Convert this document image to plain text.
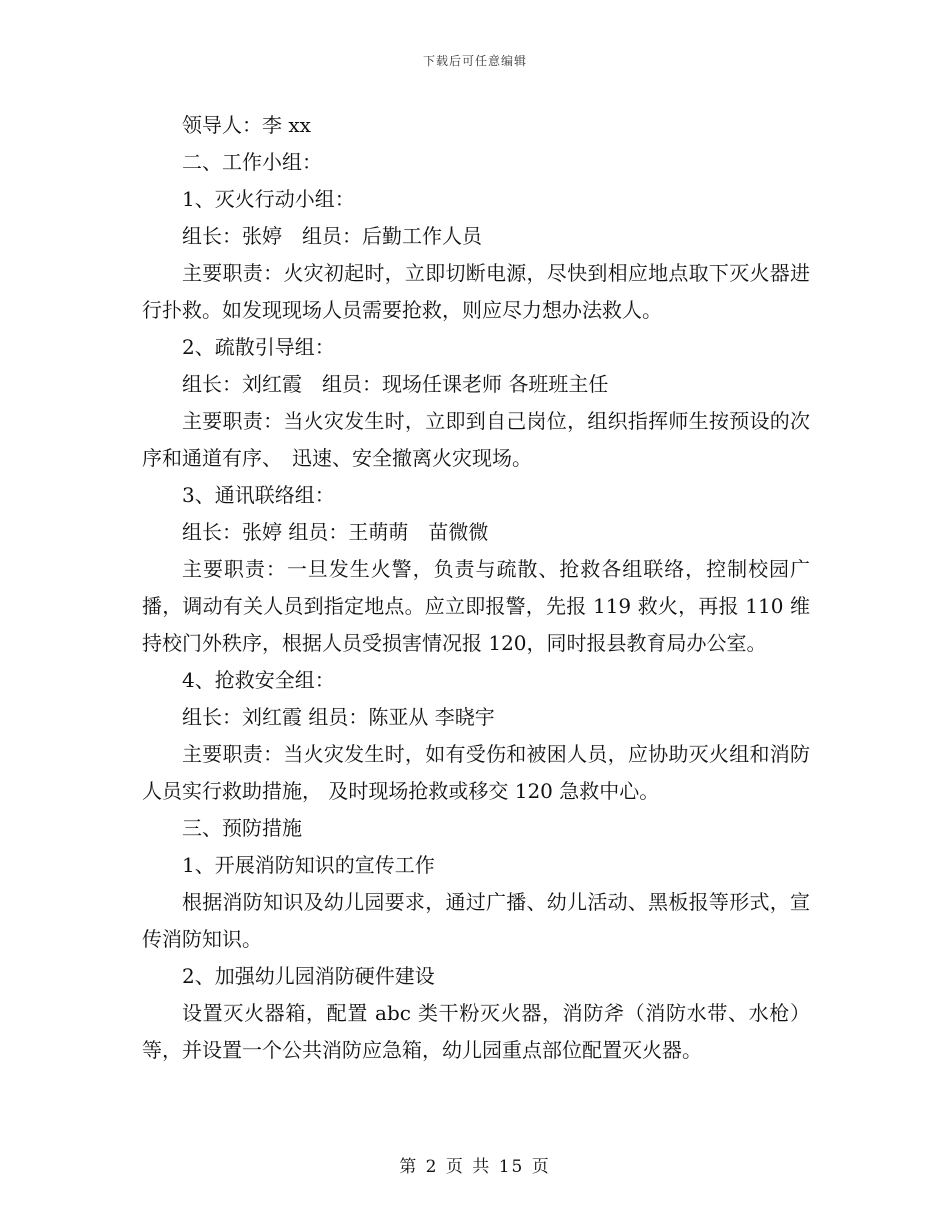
下载后可任意编辑

领导人：李 xx

二、工作小组：

1、灭火行动小组：

组长：张婷　组员：后勤工作人员

主要职责：火灾初起时，立即切断电源，尽快到相应地点取下灭火器进行扑救。如发现现场人员需要抢救，则应尽力想办法救人。

2、疏散引导组：

组长：刘红霞　组员：现场任课老师 各班班主任

主要职责：当火灾发生时，立即到自己岗位，组织指挥师生按预设的次序和通道有序、　迅速、安全撤离火灾现场。

3、通讯联络组：

组长：张婷 组员：王萌萌　苗微微

主要职责：一旦发生火警，负责与疏散、抢救各组联络，控制校园广播，调动有关人员到指定地点。应立即报警，先报 119 救火，再报 110 维持校门外秩序，根据人员受损害情况报 120，同时报县教育局办公室。

4、抢救安全组：

组长：刘红霞 组员：陈亚从 李晓宇

主要职责：当火灾发生时，如有受伤和被困人员，应协助灭火组和消防人员实行救助措施， 及时现场抢救或移交 120 急救中心。

三、预防措施

1、开展消防知识的宣传工作

根据消防知识及幼儿园要求，通过广播、幼儿活动、黑板报等形式，宣传消防知识。

2、加强幼儿园消防硬件建设

设置灭火器箱，配置 abc 类干粉灭火器，消防斧（消防水带、水枪）等，并设置一个公共消防应急箱，幼儿园重点部位配置灭火器。

第 2 页 共 15 页
